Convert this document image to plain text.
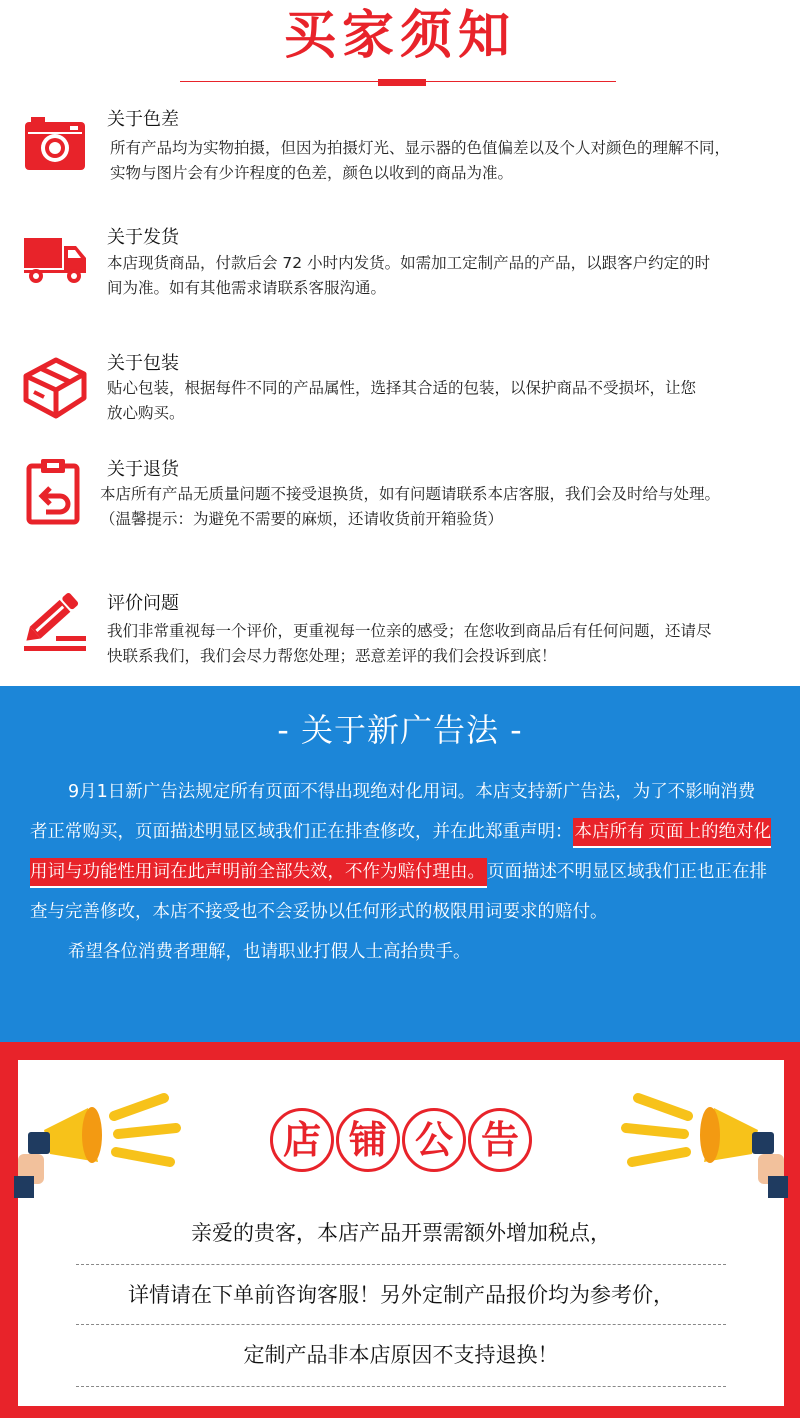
买家须知
关于色差
所有产品均为实物拍摄，但因为拍摄灯光、显示器的色值偏差以及个人对颜色的理解不同，
实物与图片会有少许程度的色差，颜色以收到的商品为准。
关于发货
本店现货商品，付款后会 72 小时内发货。如需加工定制产品的产品，以跟客户约定的时
间为准。如有其他需求请联系客服沟通。
关于包装
贴心包装，根据每件不同的产品属性，选择其合适的包装，以保护商品不受损坏，让您
放心购买。
关于退货
本店所有产品无质量问题不接受退换货，如有问题请联系本店客服，我们会及时给与处理。
（温馨提示：为避免不需要的麻烦，还请收货前开箱验货）
评价问题
我们非常重视每一个评价，更重视每一位亲的感受；在您收到商品后有任何问题，还请尽
快联系我们，我们会尽力帮您处理；恶意差评的我们会投诉到底！
- 关于新广告法 -

9月1日新广告法规定所有页面不得出现绝对化用词。本店支持新广告法，为了不影响消费者正常购买，页面描述明显区域我们正在排查修改，并在此郑重声明： 本店所有 页面上的绝对化用词与功能性用词在此声明前全部失效，不作为赔付理由。 页面描述不明显区域我们正也正在排查与完善修改，本店不接受也不会妥协以任何形式的极限用词要求的赔付。

希望各位消费者理解，也请职业打假人士高抬贵手。

店 铺 公 告
亲爱的贵客，本店产品开票需额外增加税点，
详情请在下单前咨询客服！另外定制产品报价均为参考价，
定制产品非本店原因不支持退换！
